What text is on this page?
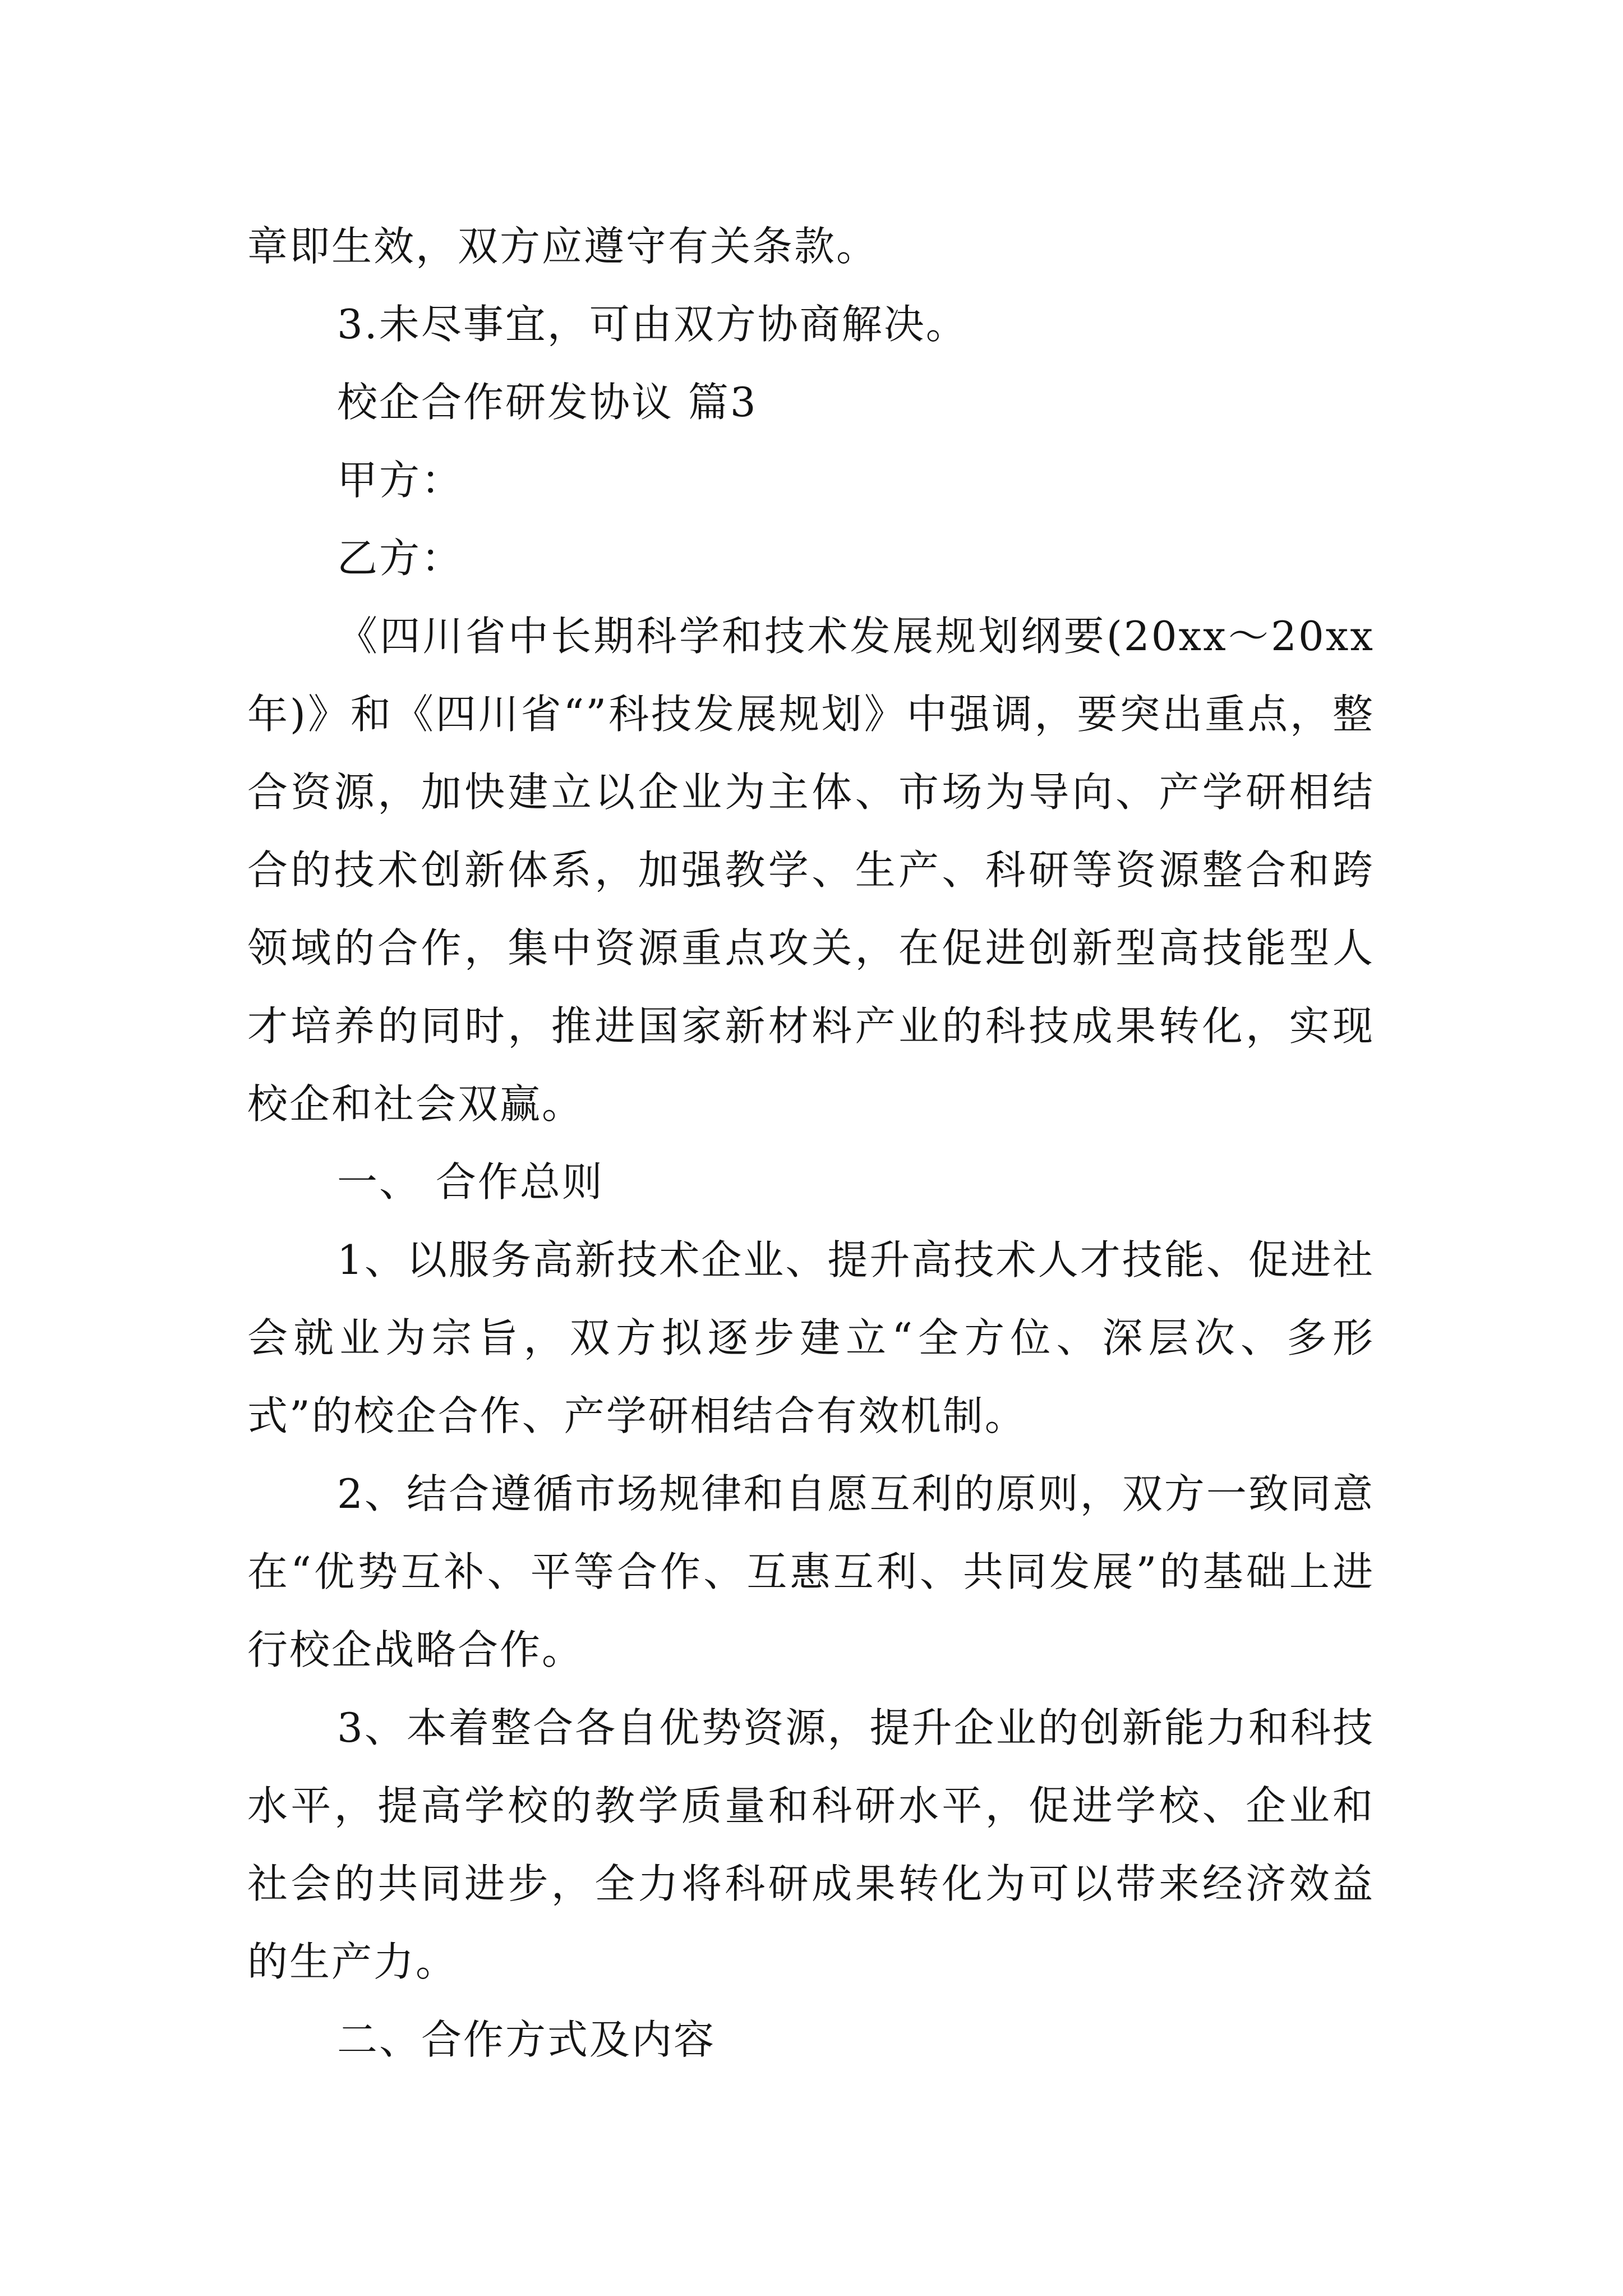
章即生效，双方应遵守有关条款。

3.未尽事宜，可由双方协商解决。

校企合作研发协议 篇3

甲方：

乙方：

《四川省中长期科学和技术发展规划纲要(20xx～20xx年)》和《四川省“”科技发展规划》中强调，要突出重点，整合资源，加快建立以企业为主体、市场为导向、产学研相结合的技术创新体系，加强教学、生产、科研等资源整合和跨领域的合作，集中资源重点攻关，在促进创新型高技能型人才培养的同时，推进国家新材料产业的科技成果转化，实现校企和社会双赢。

一、 合作总则

1、以服务高新技术企业、提升高技术人才技能、促进社会就业为宗旨，双方拟逐步建立“全方位、深层次、多形式”的校企合作、产学研相结合有效机制。

2、结合遵循市场规律和自愿互利的原则，双方一致同意在“优势互补、平等合作、互惠互利、共同发展”的基础上进行校企战略合作。

3、本着整合各自优势资源，提升企业的创新能力和科技水平，提高学校的教学质量和科研水平，促进学校、企业和社会的共同进步，全力将科研成果转化为可以带来经济效益的生产力。

二、合作方式及内容
